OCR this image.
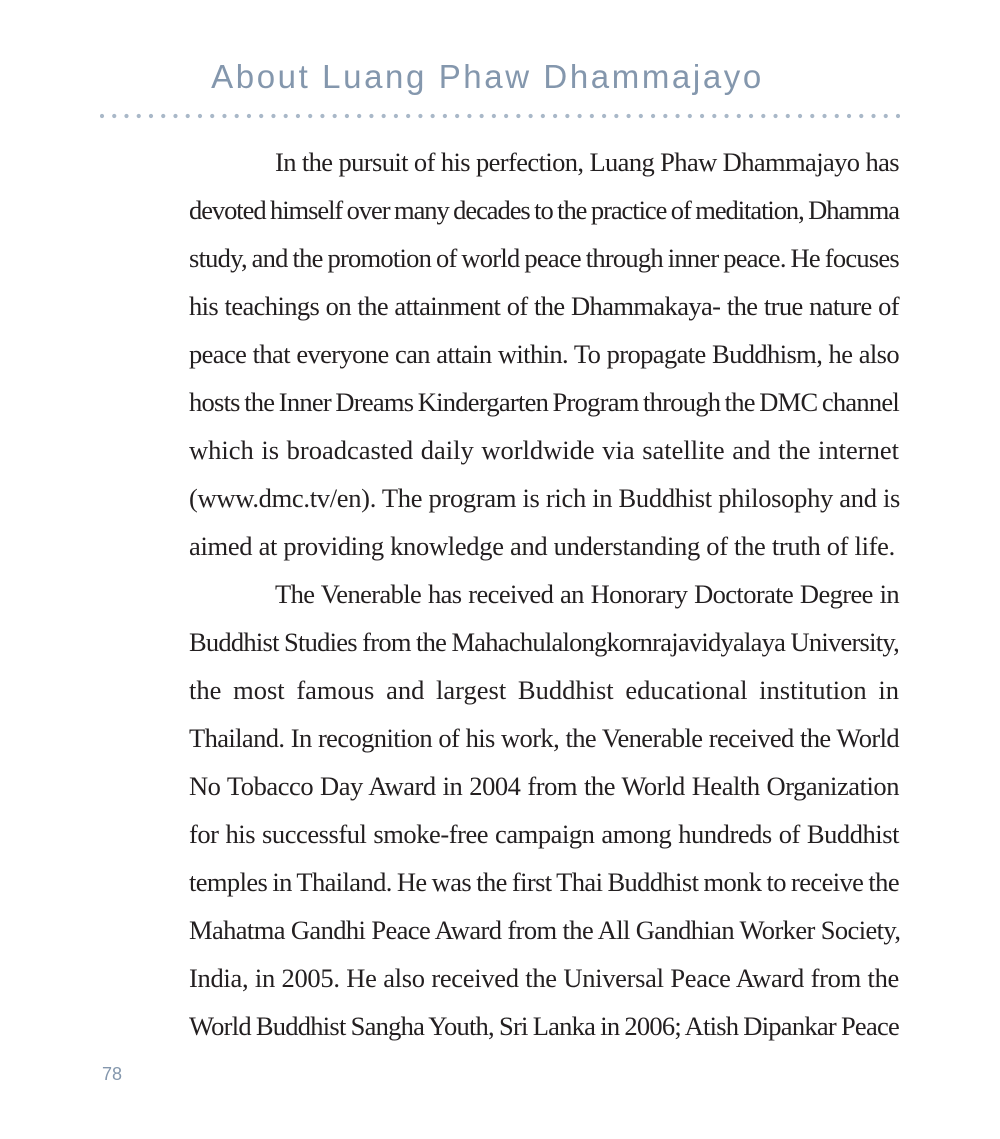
About Luang Phaw Dhammajayo
In the pursuit of his perfection, Luang Phaw Dhammajayo has
devoted himself over many decades to the practice of meditation, Dhamma
study, and the promotion of world peace through inner peace. He focuses
his teachings on the attainment of the Dhammakaya- the true nature of
peace that everyone can attain within. To propagate Buddhism, he also
hosts the Inner Dreams Kindergarten Program through the DMC channel
which is broadcasted daily worldwide via satellite and the internet
(www.dmc.tv/en). The program is rich in Buddhist philosophy and is
aimed at providing knowledge and understanding of the truth of life.
The Venerable has received an Honorary Doctorate Degree in
Buddhist Studies from the Mahachulalongkornrajavidyalaya University,
the most famous and largest Buddhist educational institution in
Thailand. In recognition of his work, the Venerable received the World
No Tobacco Day Award in 2004 from the World Health Organization
for his successful smoke-free campaign among hundreds of Buddhist
temples in Thailand. He was the first Thai Buddhist monk to receive the
Mahatma Gandhi Peace Award from the All Gandhian Worker Society,
India, in 2005. He also received the Universal Peace Award from the
World Buddhist Sangha Youth, Sri Lanka in 2006; Atish Dipankar Peace
78
